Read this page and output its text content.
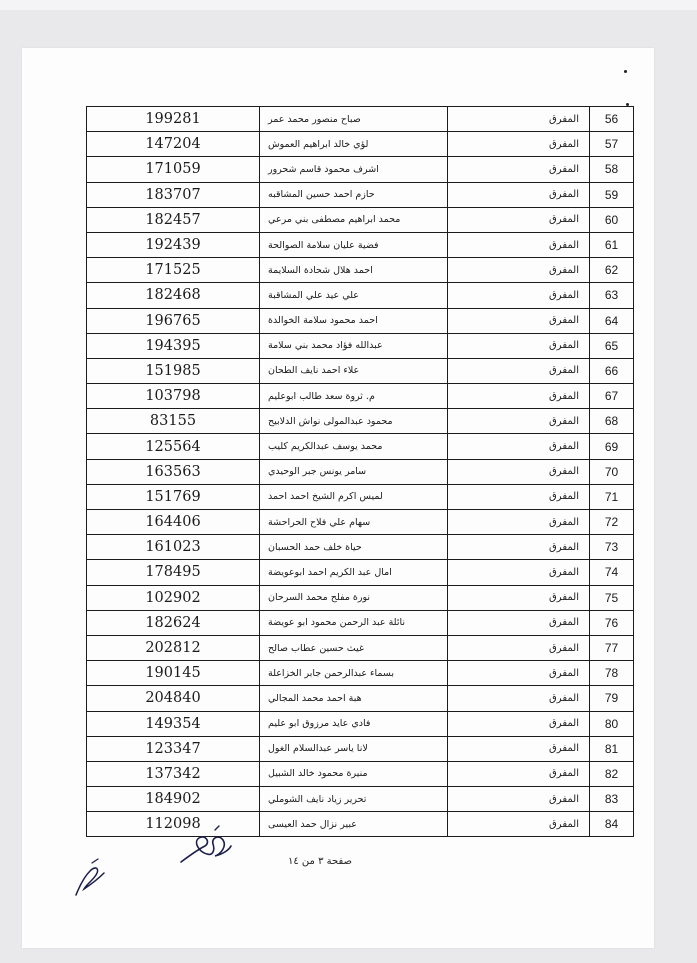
56	المفرق	صباح منصور محمد عمر	199281
57	المفرق	لؤي خالد ابراهيم العموش	147204
58	المفرق	اشرف محمود قاسم شحرور	171059
59	المفرق	حازم احمد حسين المشاقبه	183707
60	المفرق	محمد ابراهيم مصطفى بني مرعي	182457
61	المفرق	فضية عليان سلامة الصوالحة	192439
62	المفرق	احمد هلال شحادة السلايمة	171525
63	المفرق	علي عيد علي المشاقبة	182468
64	المفرق	احمد محمود سلامة الخوالدة	196765
65	المفرق	عبدالله فؤاد محمد بني سلامة	194395
66	المفرق	علاء احمد نايف الطحان	151985
67	المفرق	م. ثروة سعد طالب ابوعليم	103798
68	المفرق	محمود عبدالمولى نواش الدلابيح	83155
69	المفرق	محمد يوسف عبدالكريم كليب	125564
70	المفرق	سامر يونس جبر الوحيدي	163563
71	المفرق	لميس اكرم الشيخ احمد احمد	151769
72	المفرق	سهام علي فلاح الحراحشة	164406
73	المفرق	حياة خلف حمد الحسبان	161023
74	المفرق	امال عبد الكريم احمد ابوعويضة	178495
75	المفرق	نورة مفلح محمد السرحان	102902
76	المفرق	نائلة عبد الرحمن محمود ابو عويضة	182624
77	المفرق	غيث حسين عطاب صالح	202812
78	المفرق	بسماء عبدالرحمن جابر الخزاعلة	190145
79	المفرق	هبة احمد محمد المجالي	204840
80	المفرق	فادي عايد مرزوق ابو عليم	149354
81	المفرق	لانا ياسر عبدالسلام الغول	123347
82	المفرق	منيرة محمود خالد الشبيل	137342
83	المفرق	تحرير زياد نايف الشوملي	184902
84	المفرق	عبير نزال حمد العيسى	112098
صفحة ٣ من ١٤
